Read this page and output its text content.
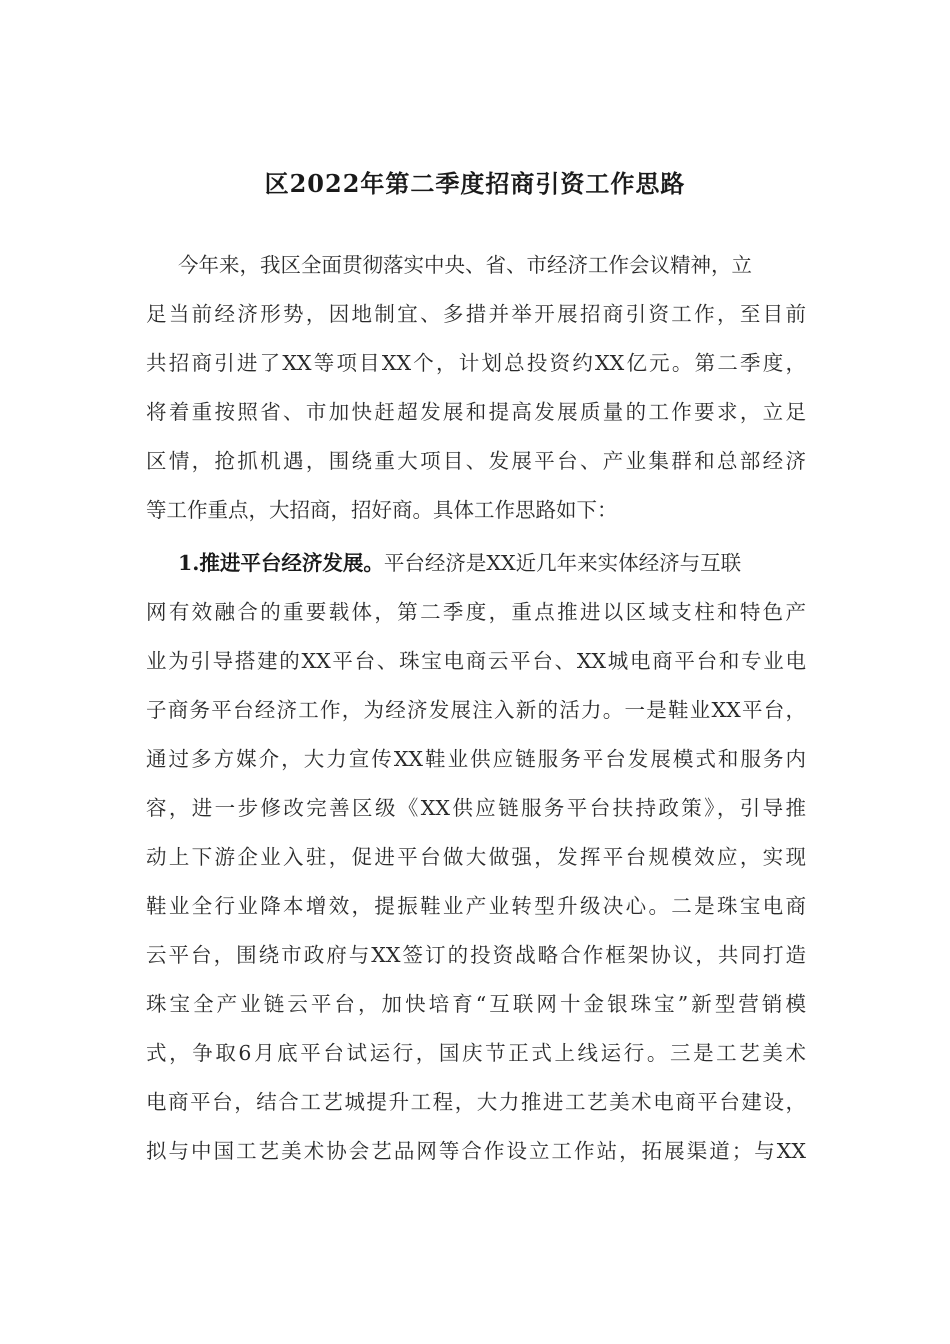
区2022年第二季度招商引资工作思路
今年来，我区全面贯彻落实中央、省、市经济工作会议精神，立
足当前经济形势，因地制宜、多措并举开展招商引资工作，至目前
共招商引进了XX等项目XX个，计划总投资约XX亿元。第二季度，
将着重按照省、市加快赶超发展和提高发展质量的工作要求，立足
区情，抢抓机遇，围绕重大项目、发展平台、产业集群和总部经济
等工作重点，大招商，招好商。具体工作思路如下：
1.推进平台经济发展。平台经济是XX近几年来实体经济与互联
网有效融合的重要载体，第二季度，重点推进以区域支柱和特色产
业为引导搭建的XX平台、珠宝电商云平台、XX城电商平台和专业电
子商务平台经济工作，为经济发展注入新的活力。一是鞋业XX平台，
通过多方媒介，大力宣传XX鞋业供应链服务平台发展模式和服务内
容，进一步修改完善区级《XX供应链服务平台扶持政策》，引导推
动上下游企业入驻，促进平台做大做强，发挥平台规模效应，实现
鞋业全行业降本增效，提振鞋业产业转型升级决心。二是珠宝电商
云平台，围绕市政府与XX签订的投资战略合作框架协议，共同打造
珠宝全产业链云平台，加快培育“互联网十金银珠宝”新型营销模
式，争取6月底平台试运行，国庆节正式上线运行。三是工艺美术
电商平台，结合工艺城提升工程，大力推进工艺美术电商平台建设，
拟与中国工艺美术协会艺品网等合作设立工作站，拓展渠道；与XX
